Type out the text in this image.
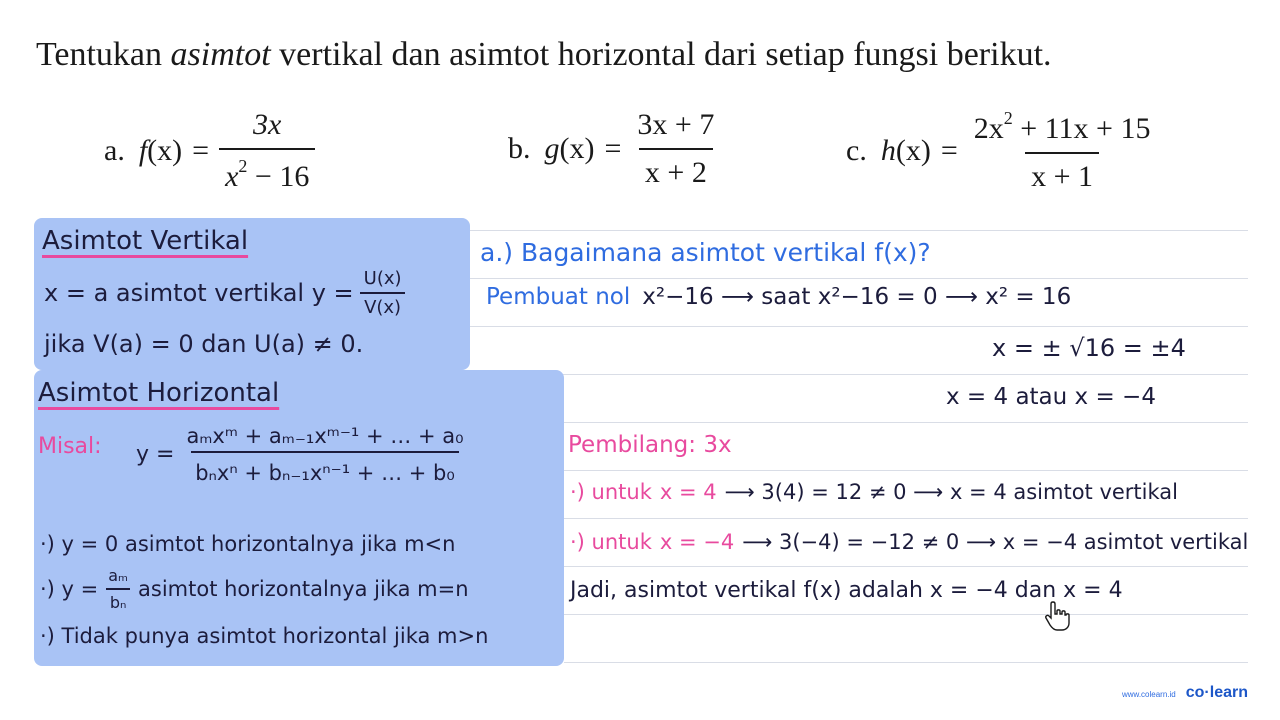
Tentukan asimtot vertikal dan asimtot horizontal dari setiap fungsi berikut.
a. f $(x) = \frac{3x}{x^2 - 16}$	b. g $(x) = \frac{3x + 7}{x + 2}$	c. h $(x) = \frac{2x^2 + 11x + 15}{x + 1}$
Asimtot Vertikal
x = a asimtot vertikal $y = \frac{U(x)}{V(x)}$
jika V(a) = 0 dan U(a) ≠ 0.
Asimtot Horizontal
Misal: y =
aₘxᵐ + aₘ₋₁xᵐ⁻¹ + … + a₀
bₙxⁿ + bₙ₋₁xⁿ⁻¹ + … + b₀
·) y = 0 asimtot horizontalnya jika m<n
·) $y = \frac{\text{aₘ}}{\text{bₙ}}$ asimtot horizontalnya jika m=n
·) Tidak punya asimtot horizontal jika m>n
a.) Bagaimana asimtot vertikal f(x)?
Pembuat nol x²−16 ⟶ saat x²−16 = 0 ⟶ x² = 16
x = ± √16 = ±4
x = 4 atau x = −4
Pembilang: 3x
·) untuk x = 4 ⟶ 3(4) = 12 ≠ 0 ⟶ x = 4 asimtot vertikal
·) untuk x = −4 ⟶ 3(−4) = −12 ≠ 0 ⟶ x = −4 asimtot vertikal
Jadi, asimtot vertikal f(x) adalah x = −4 dan x = 4
www.colearn.id co·learn
